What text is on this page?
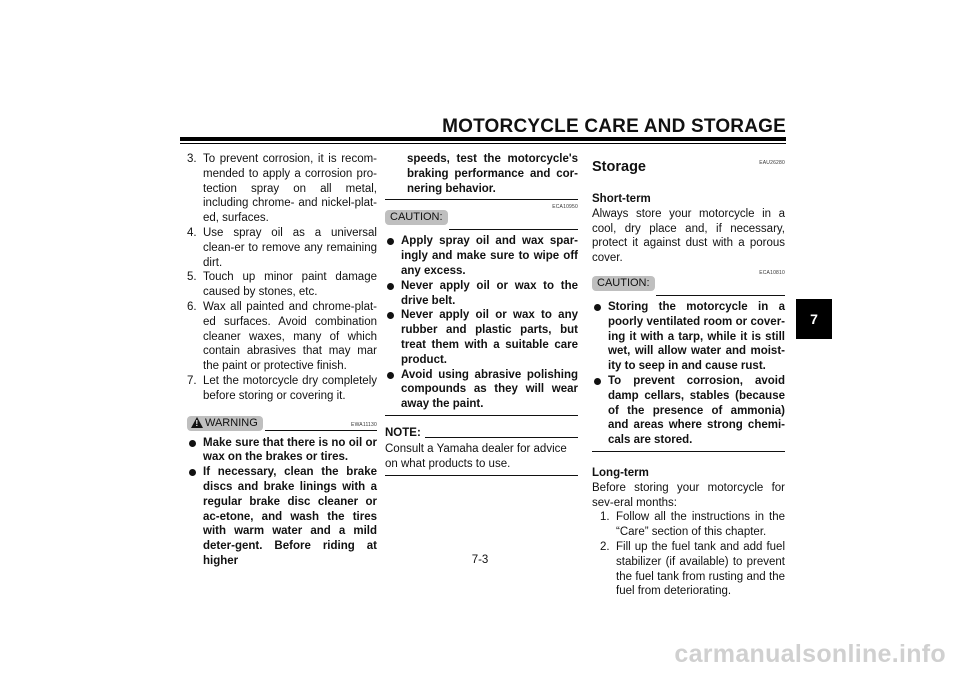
MOTORCYCLE CARE AND STORAGE
3. To prevent corrosion, it is recom-mended to apply a corrosion pro-tection spray on all metal, including chrome- and nickel-plat-ed, surfaces.
4. Use spray oil as a universal clean-er to remove any remaining dirt.
5. Touch up minor paint damage caused by stones, etc.
6. Wax all painted and chrome-plat-ed surfaces. Avoid combination cleaner waxes, many of which contain abrasives that may mar the paint or protective finish.
7. Let the motorcycle dry completely before storing or covering it.
! WARNING	EWA11130
Make sure that there is no oil or wax on the brakes or tires.
If necessary, clean the brake discs and brake linings with a regular brake disc cleaner or ac-etone, and wash the tires with warm water and a mild deter-gent. Before riding at higher
speeds, test the motorcycle's braking performance and cor-nering behavior.
CAUTION:
ECA10950
Apply spray oil and wax spar-ingly and make sure to wipe off any excess.
Never apply oil or wax to the drive belt.
Never apply oil or wax to any rubber and plastic parts, but treat them with a suitable care product.
Avoid using abrasive polishing compounds as they will wear away the paint.
NOTE:
Consult a Yamaha dealer for advice on what products to use.
Storage	EAU26280
Short-term
Always store your motorcycle in a cool, dry place and, if necessary, protect it against dust with a porous cover.
CAUTION:
ECA10810
Storing the motorcycle in a poorly ventilated room or cover-ing it with a tarp, while it is still wet, will allow water and moist-ity to seep in and cause rust.
To prevent corrosion, avoid damp cellars, stables (because of the presence of ammonia) and areas where strong chemi-cals are stored.
Long-term
Before storing your motorcycle for sev-eral months:
1. Follow all the instructions in the “Care” section of this chapter.
2. Fill up the fuel tank and add fuel stabilizer (if available) to prevent the fuel tank from rusting and the fuel from deteriorating.
7
7-3
carmanualsonline.info
